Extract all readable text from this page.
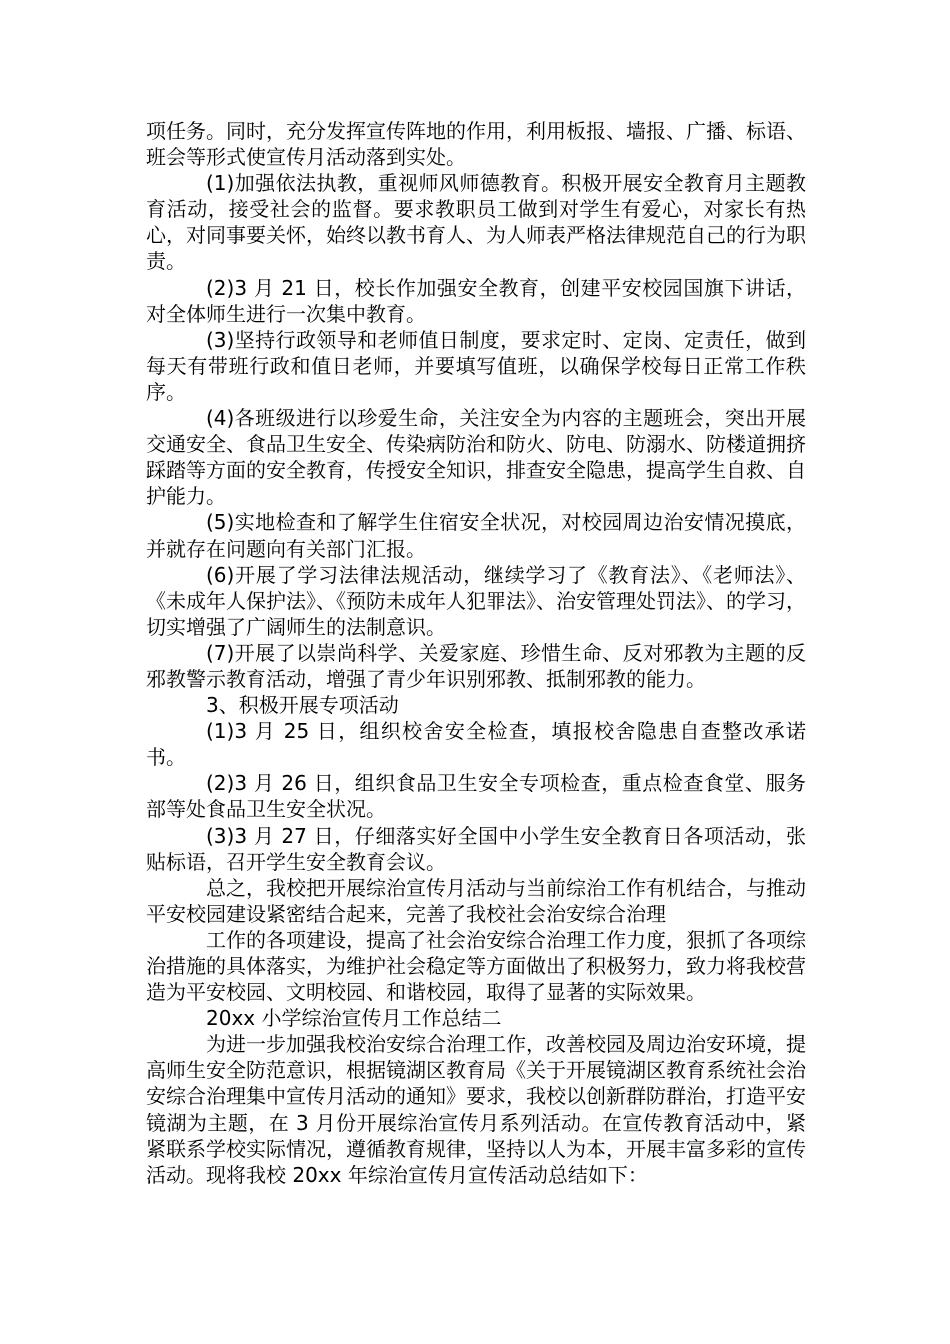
项任务。同时，充分发挥宣传阵地的作用，利用板报、墙报、广播、标语、班会等形式使宣传月活动落到实处。

(1)加强依法执教，重视师风师德教育。积极开展安全教育月主题教育活动，接受社会的监督。要求教职员工做到对学生有爱心，对家长有热心，对同事要关怀，始终以教书育人、为人师表严格法律规范自己的行为职责。

(2)3 月 21 日，校长作加强安全教育，创建平安校园国旗下讲话，对全体师生进行一次集中教育。

(3)坚持行政领导和老师值日制度，要求定时、定岗、定责任，做到每天有带班行政和值日老师，并要填写值班，以确保学校每日正常工作秩序。

(4)各班级进行以珍爱生命，关注安全为内容的主题班会，突出开展交通安全、食品卫生安全、传染病防治和防火、防电、防溺水、防楼道拥挤踩踏等方面的安全教育，传授安全知识，排查安全隐患，提高学生自救、自护能力。

(5)实地检查和了解学生住宿安全状况，对校园周边治安情况摸底，并就存在问题向有关部门汇报。

(6)开展了学习法律法规活动，继续学习了《教育法》、《老师法》、《未成年人保护法》、《预防未成年人犯罪法》、治安管理处罚法》、的学习，切实增强了广阔师生的法制意识。

(7)开展了以崇尚科学、关爱家庭、珍惜生命、反对邪教为主题的反邪教警示教育活动，增强了青少年识别邪教、抵制邪教的能力。

3、积极开展专项活动

(1)3 月 25 日，组织校舍安全检查，填报校舍隐患自查整改承诺书。

(2)3 月 26 日，组织食品卫生安全专项检查，重点检查食堂、服务部等处食品卫生安全状况。

(3)3 月 27 日，仔细落实好全国中小学生安全教育日各项活动，张贴标语，召开学生安全教育会议。

总之，我校把开展综治宣传月活动与当前综治工作有机结合，与推动平安校园建设紧密结合起来，完善了我校社会治安综合治理

工作的各项建设，提高了社会治安综合治理工作力度，狠抓了各项综治措施的具体落实，为维护社会稳定等方面做出了积极努力，致力将我校营造为平安校园、文明校园、和谐校园，取得了显著的实际效果。

20xx 小学综治宣传月工作总结二

为进一步加强我校治安综合治理工作，改善校园及周边治安环境，提高师生安全防范意识，根据镜湖区教育局《关于开展镜湖区教育系统社会治安综合治理集中宣传月活动的通知》要求，我校以创新群防群治，打造平安镜湖为主题，在 3 月份开展综治宣传月系列活动。在宣传教育活动中，紧紧联系学校实际情况，遵循教育规律，坚持以人为本，开展丰富多彩的宣传活动。现将我校 20xx 年综治宣传月宣传活动总结如下：
